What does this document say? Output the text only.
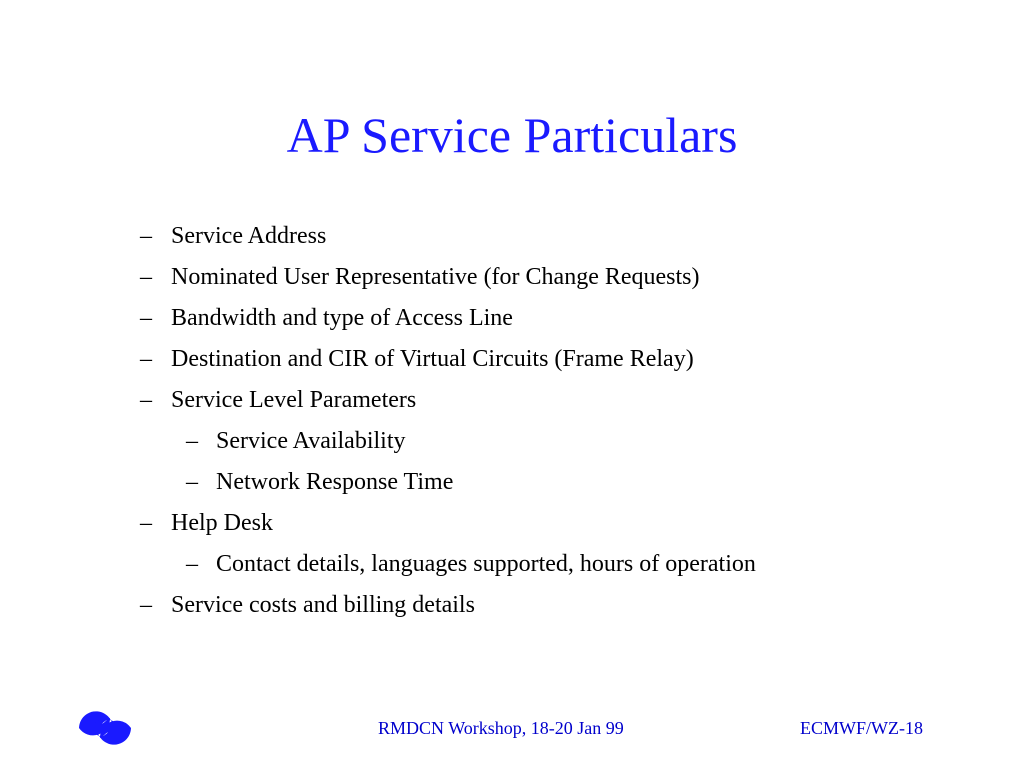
AP Service Particulars
– Service Address
– Nominated User Representative (for Change Requests)
– Bandwidth and type of Access Line
– Destination and CIR of Virtual Circuits (Frame Relay)
– Service Level Parameters
– Service Availability
– Network Response Time
– Help Desk
– Contact details, languages supported, hours of operation
– Service costs and billing details
RMDCN Workshop, 18-20 Jan 99	ECMWF/WZ-18
